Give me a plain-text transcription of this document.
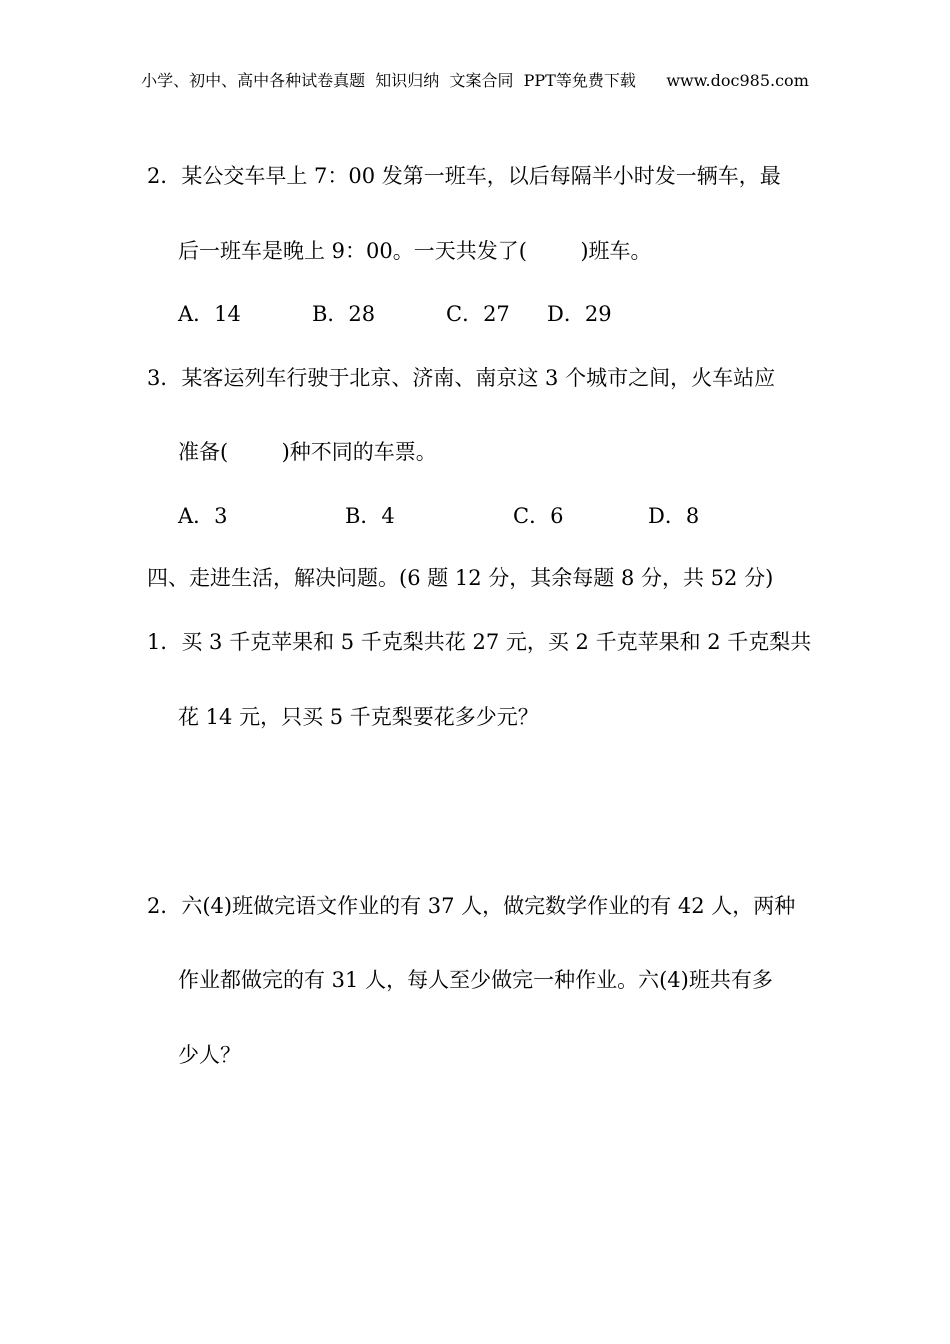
小学、初中、高中各种试卷真题  知识归纳  文案合同  PPT等免费下载      www.doc985.com
2．某公交车早上 7：00 发第一班车，以后每隔半小时发一辆车，最
后一班车是晚上 9：00。一天共发了(        )班车。
A．14	B．28	C．27 D．29
3．某客运列车行驶于北京、济南、南京这 3 个城市之间，火车站应
准备(        )种不同的车票。
A．3	B．4	C．6	D．8
四、走进生活，解决问题。(6 题 12 分，其余每题 8 分，共 52 分)
1．买 3 千克苹果和 5 千克梨共花 27 元，买 2 千克苹果和 2 千克梨共
花 14 元，只买 5 千克梨要花多少元？
2．六(4)班做完语文作业的有 37 人，做完数学作业的有 42 人，两种
作业都做完的有 31 人，每人至少做完一种作业。六(4)班共有多
少人？
